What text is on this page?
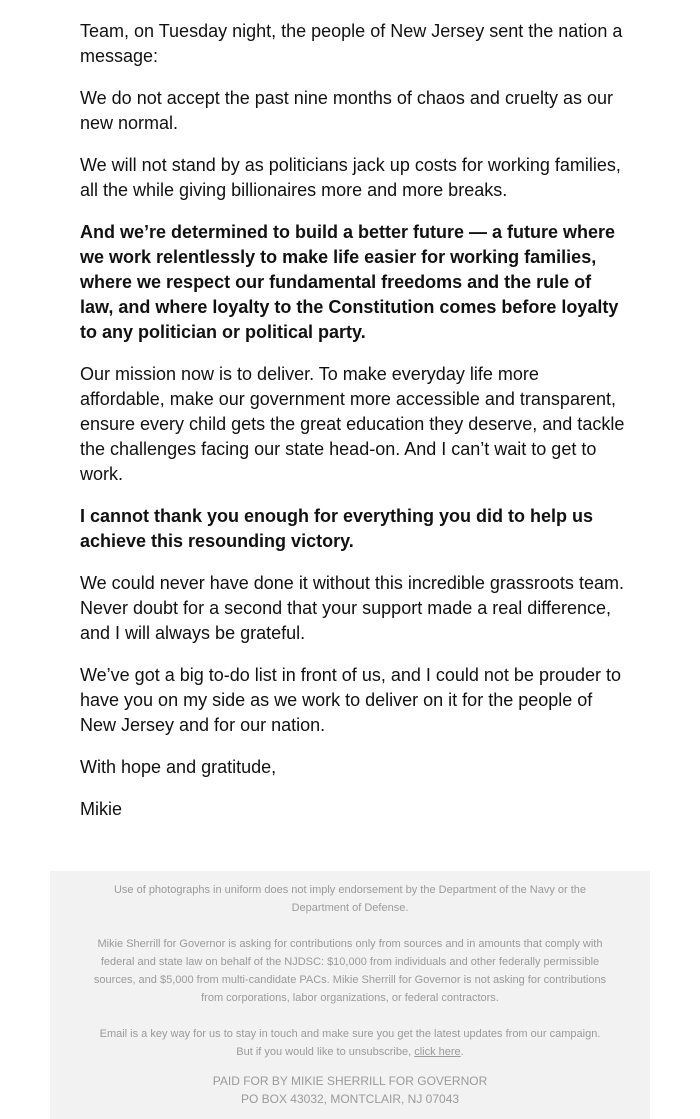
Team, on Tuesday night, the people of New Jersey sent the nation a message:

We do not accept the past nine months of chaos and cruelty as our new normal.

We will not stand by as politicians jack up costs for working families, all the while giving billionaires more and more breaks.

And we’re determined to build a better future — a future where we work relentlessly to make life easier for working families, where we respect our fundamental freedoms and the rule of law, and where loyalty to the Constitution comes before loyalty to any politician or political party.

Our mission now is to deliver. To make everyday life more affordable, make our government more accessible and transparent, ensure every child gets the great education they deserve, and tackle the challenges facing our state head-on. And I can’t wait to get to work.

I cannot thank you enough for everything you did to help us achieve this resounding victory.

We could never have done it without this incredible grassroots team. Never doubt for a second that your support made a real difference, and I will always be grateful.

We’ve got a big to-do list in front of us, and I could not be prouder to have you on my side as we work to deliver on it for the people of New Jersey and for our nation.

With hope and gratitude,

Mikie

Use of photographs in uniform does not imply endorsement by the Department of the Navy or the Department of Defense.
Mikie Sherrill for Governor is asking for contributions only from sources and in amounts that comply with federal and state law on behalf of the NJDSC: $10,000 from individuals and other federally permissible sources, and $5,000 from multi-candidate PACs. Mikie Sherrill for Governor is not asking for contributions from corporations, labor organizations, or federal contractors.
Email is a key way for us to stay in touch and make sure you get the latest updates from our campaign. But if you would like to unsubscribe, click here.
PAID FOR BY MIKIE SHERRILL FOR GOVERNOR
PO BOX 43032, MONTCLAIR, NJ 07043
